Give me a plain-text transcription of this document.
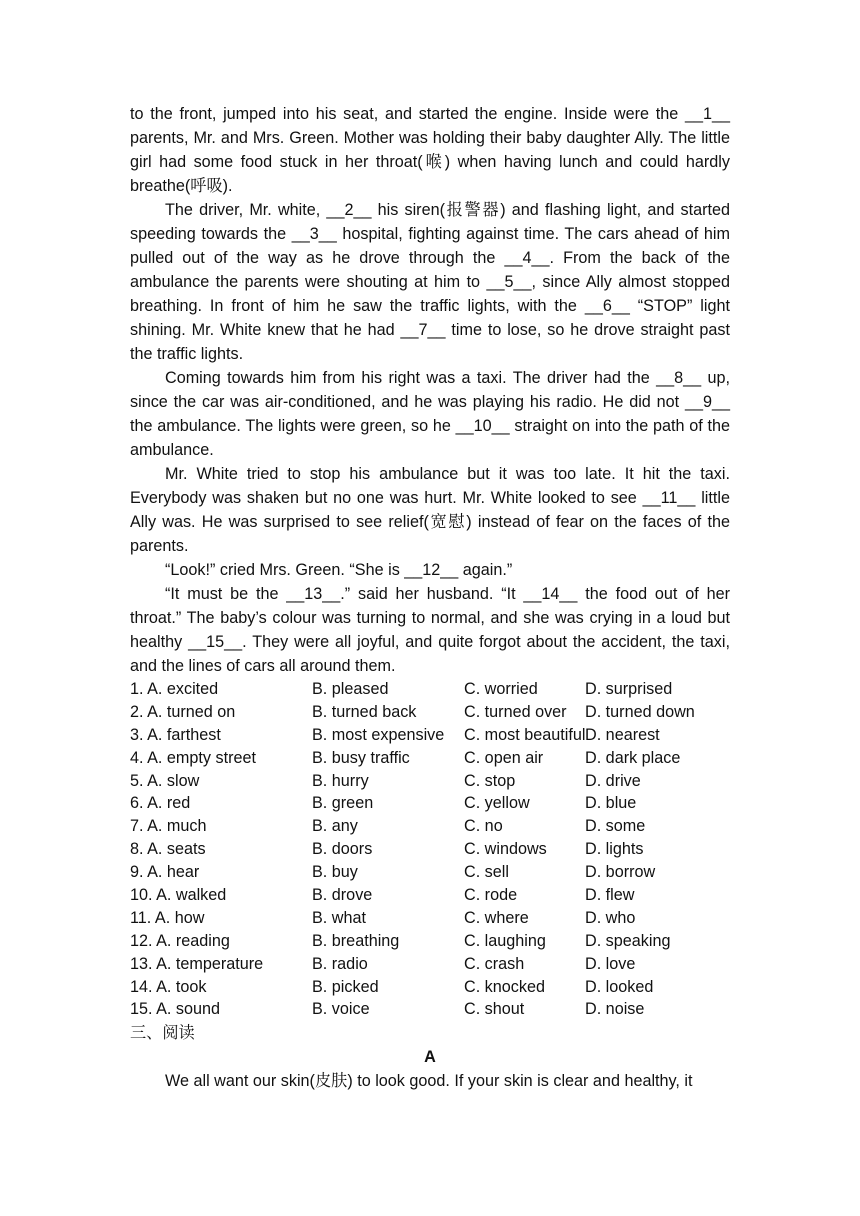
to the front, jumped into his seat, and started the engine. Inside were the __1__ parents, Mr. and Mrs. Green. Mother was holding their baby daughter Ally. The little girl had some food stuck in her throat(喉) when having lunch and could hardly breathe(呼吸).

The driver, Mr. white, __2__ his siren(报警器) and flashing light, and started speeding towards the __3__ hospital, fighting against time. The cars ahead of him pulled out of the way as he drove through the __4__. From the back of the ambulance the parents were shouting at him to __5__, since Ally almost stopped breathing. In front of him he saw the traffic lights, with the __6__ “STOP” light shining. Mr. White knew that he had __7__ time to lose, so he drove straight past the traffic lights.

Coming towards him from his right was a taxi. The driver had the __8__ up, since the car was air-conditioned, and he was playing his radio. He did not __9__ the ambulance. The lights were green, so he __10__ straight on into the path of the ambulance.

Mr. White tried to stop his ambulance but it was too late. It hit the taxi. Everybody was shaken but no one was hurt. Mr. White looked to see __11__ little Ally was. He was surprised to see relief(宽慰) instead of fear on the faces of the parents.

“Look!” cried Mrs. Green. “She is __12__ again.”

“It must be the __13__.” said her husband. “It __14__ the food out of her throat.” The baby’s colour was turning to normal, and she was crying in a loud but healthy __15__. They were all joyful, and quite forgot about the accident, the taxi, and the lines of cars all around them.

1. A. excited	B. pleased	C. worried	D. surprised
2. A. turned on	B. turned back	C. turned over D. turned down
3. A. farthest	B. most expensive C. most beautiful D. nearest
4. A. empty street	B. busy traffic	C. open air	D. dark place
5. A. slow	B. hurry	C. stop	D. drive
6. A. red	B. green	C. yellow	D. blue
7. A. much	B. any	C. no	D. some
8. A. seats	B. doors	C. windows D. lights
9. A. hear	B. buy	C. sell	D. borrow
10. A. walked	B. drove	C. rode	D. flew
11. A. how	B. what	C. where	D. who
12. A. reading	B. breathing	C. laughing D. speaking
13. A. temperature	B. radio	C. crash	D. love
14. A. took	B. picked	C. knocked D. looked
15. A. sound	B. voice	C. shout	D. noise
三、阅读
A

We all want our skin(皮肤) to look good. If your skin is clear and healthy, it
